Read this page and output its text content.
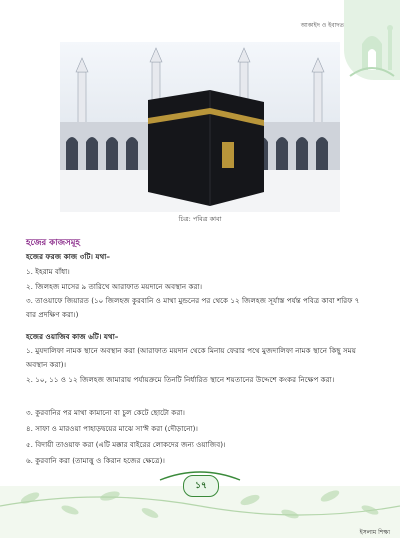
আকাইদ ও ইবাদত
চিত্র: পবিত্র কাবা
হজের কাজসমূহ
হজের ফরজ কাজ ৩টি। যথা–
১. ইহরাম বাঁধা।
২. জিলহজ মাসের ৯ তারিখে আরাফাত ময়দানে অবস্থান করা।
৩. তাওয়াফে জিয়ারত (১০ জিলহজ কুরবানি ও মাথা মুন্ডনের পর থেকে ১২ জিলহজ সূর্যাস্ত পর্যন্ত পবিত্র কাবা শরিফ ৭ বার প্রদক্ষিণ করা।)
হজের ওয়াজিব কাজ ৬টি। যথা–
১. মুযদালিফা নামক স্থানে অবস্থান করা (আরাফাত ময়দান থেকে মিনায় ফেরার পথে মুজদালিফা নামক স্থানে কিছু সময় অবস্থান করা)।
২. ১০, ১১ ও ১২ জিলহজ জামারায় পর্যায়ক্রমে তিনটি নির্ধারিত স্থানে শয়তানের উদ্দেশে কংকর নিক্ষেপ করা।
৩. কুরবানির পর মাথা কামানো বা চুল কেটে ছোটো করা।
৪. সাফা ও মারওয়া পাহাড়দ্বয়ের মাঝে সা'ঈ করা (দৌড়ানো)।
৫. বিদায়ী তাওয়াফ করা (এটি মক্কার বাইরের লোকদের জন্য ওয়াজিব)।
৬. কুরবানি করা (তামাত্তু ও কিরান হজের ক্ষেত্রে)।
১৭
ইসলাম শিক্ষা
